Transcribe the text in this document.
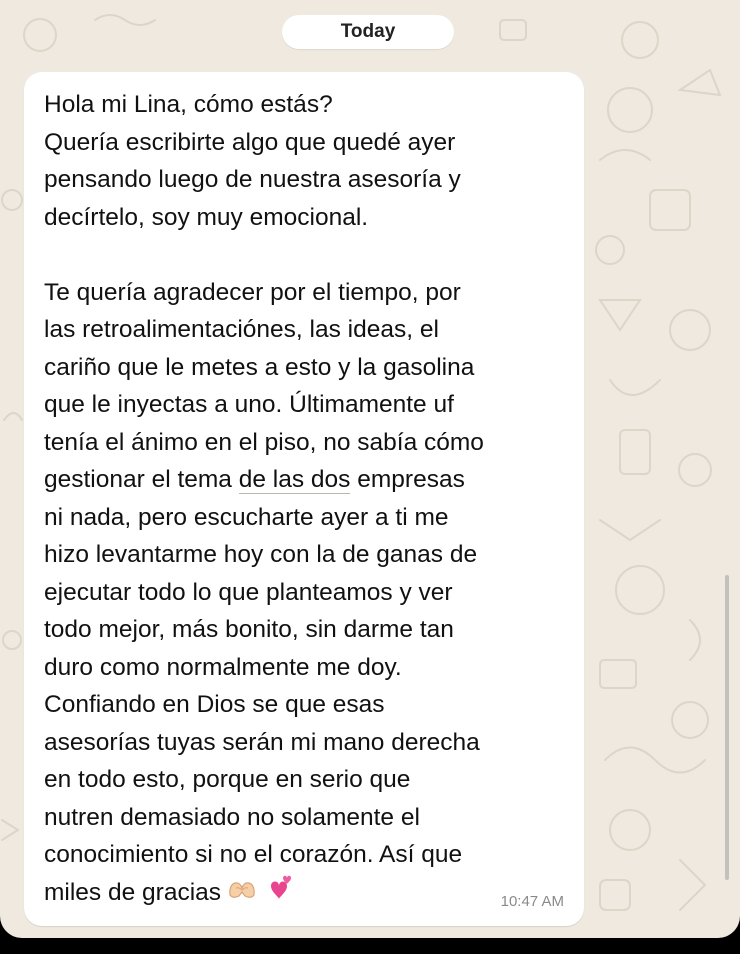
Today
Hola mi Lina, cómo estás?
Quería escribirte algo que quedé ayer
pensando luego de nuestra asesoría y
decírtelo, soy muy emocional.

Te quería agradecer por el tiempo, por
las retroalimentaciónes, las ideas, el
cariño que le metes a esto y la gasolina
que le inyectas a uno. Últimamente uf
tenía el ánimo en el piso, no sabía cómo
gestionar el tema de las dos empresas
ni nada, pero escucharte ayer a ti me
hizo levantarme hoy con la de ganas de
ejecutar todo lo que planteamos y ver
todo mejor, más bonito, sin darme tan
duro como normalmente me doy.
Confiando en Dios se que esas
asesorías tuyas serán mi mano derecha
en todo esto, porque en serio que
nutren demasiado no solamente el
conocimiento si no el corazón. Así que
miles de gracias	10:47 AM
